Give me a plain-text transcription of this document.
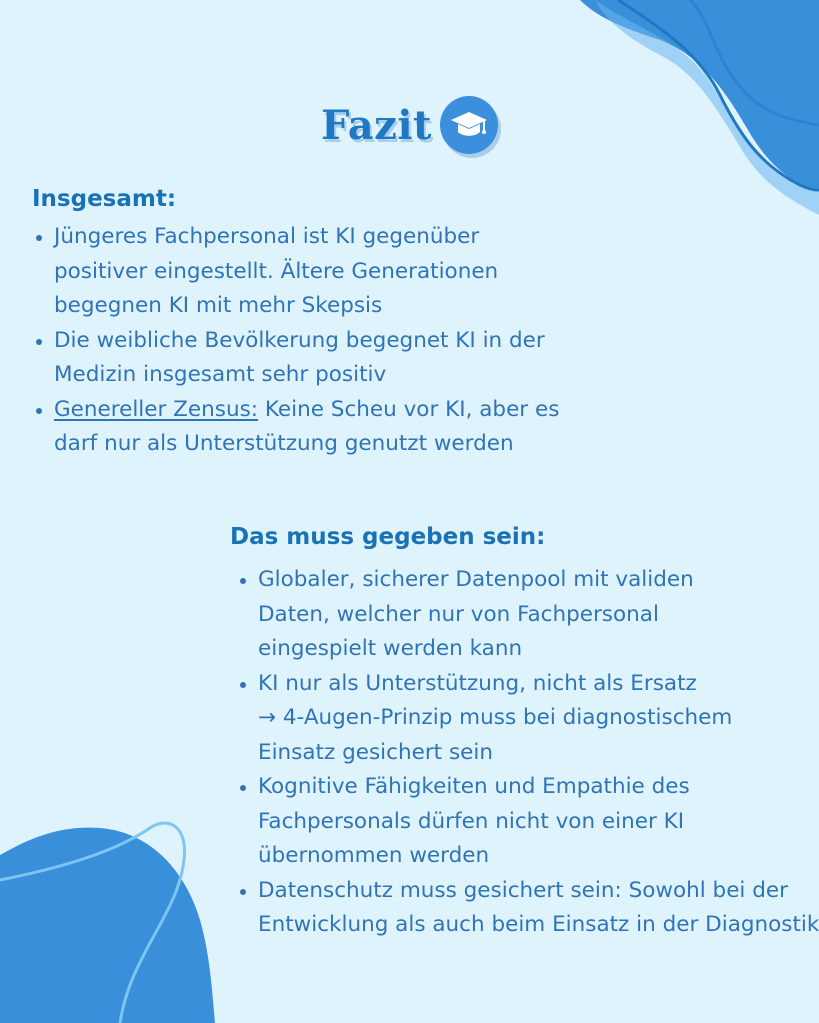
Fazit
Insgesamt:
Jüngeres Fachpersonal ist KI gegenüber positiver eingestellt. Ältere Generationen begegnen KI mit mehr Skepsis
Die weibliche Bevölkerung begegnet KI in der Medizin insgesamt sehr positiv
Genereller Zensus: Keine Scheu vor KI, aber es darf nur als Unterstützung genutzt werden
Das muss gegeben sein:
Globaler, sicherer Datenpool mit validen Daten, welcher nur von Fachpersonal eingespielt werden kann
KI nur als Unterstützung, nicht als Ersatz
→ 4-Augen-Prinzip muss bei diagnostischem Einsatz gesichert sein
Kognitive Fähigkeiten und Empathie des Fachpersonals dürfen nicht von einer KI übernommen werden
Datenschutz muss gesichert sein: Sowohl bei der Entwicklung als auch beim Einsatz in der Diagnostik
